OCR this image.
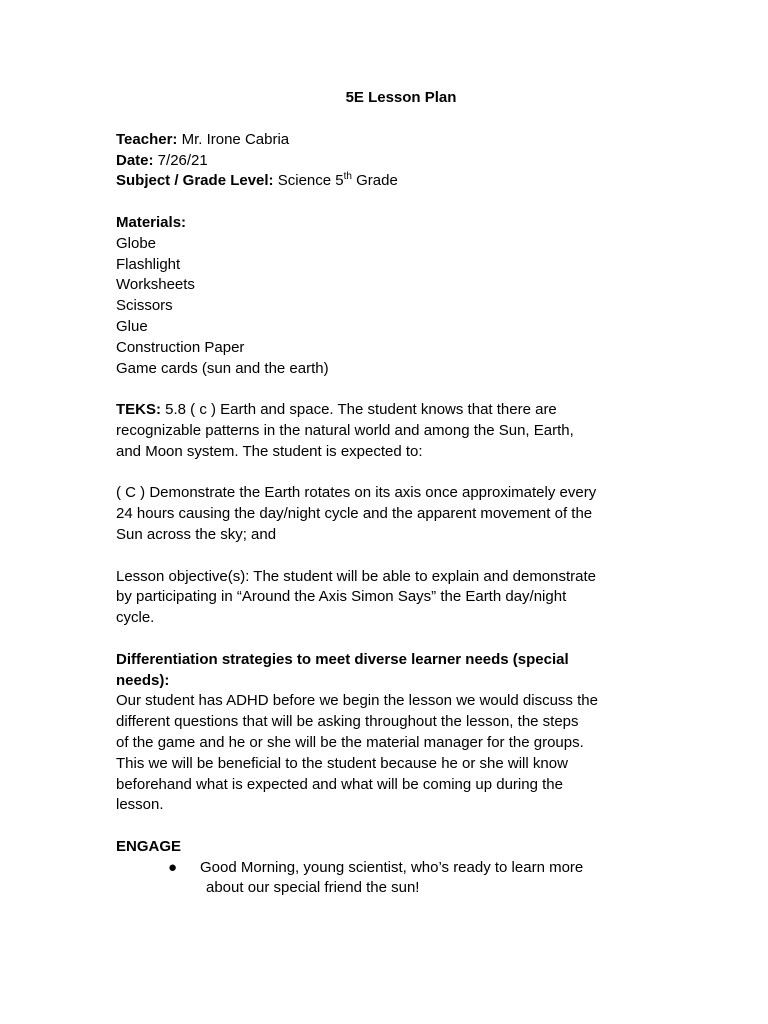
5E Lesson Plan

Teacher: Mr. Irone Cabria

Date: 7/26/21

Subject / Grade Level: Science 5th Grade

Materials:

Globe

Flashlight

Worksheets

Scissors

Glue

Construction Paper

Game cards (sun and the earth)

TEKS: 5.8 ( c ) Earth and space. The student knows that there are

recognizable patterns in the natural world and among the Sun, Earth,

and Moon system. The student is expected to:

( C ) Demonstrate the Earth rotates on its axis once approximately every

24 hours causing the day/night cycle and the apparent movement of the

Sun across the sky; and

Lesson objective(s): The student will be able to explain and demonstrate

by participating in “Around the Axis Simon Says” the Earth day/night

cycle.

Differentiation strategies to meet diverse learner needs (special

needs):

Our student has ADHD before we begin the lesson we would discuss the

different questions that will be asking throughout the lesson, the steps

of the game and he or she will be the material manager for the groups.

This we will be beneficial to the student because he or she will know

beforehand what is expected and what will be coming up during the

lesson.

ENGAGE

● Good Morning, young scientist, who’s ready to learn more
about our special friend the sun!
